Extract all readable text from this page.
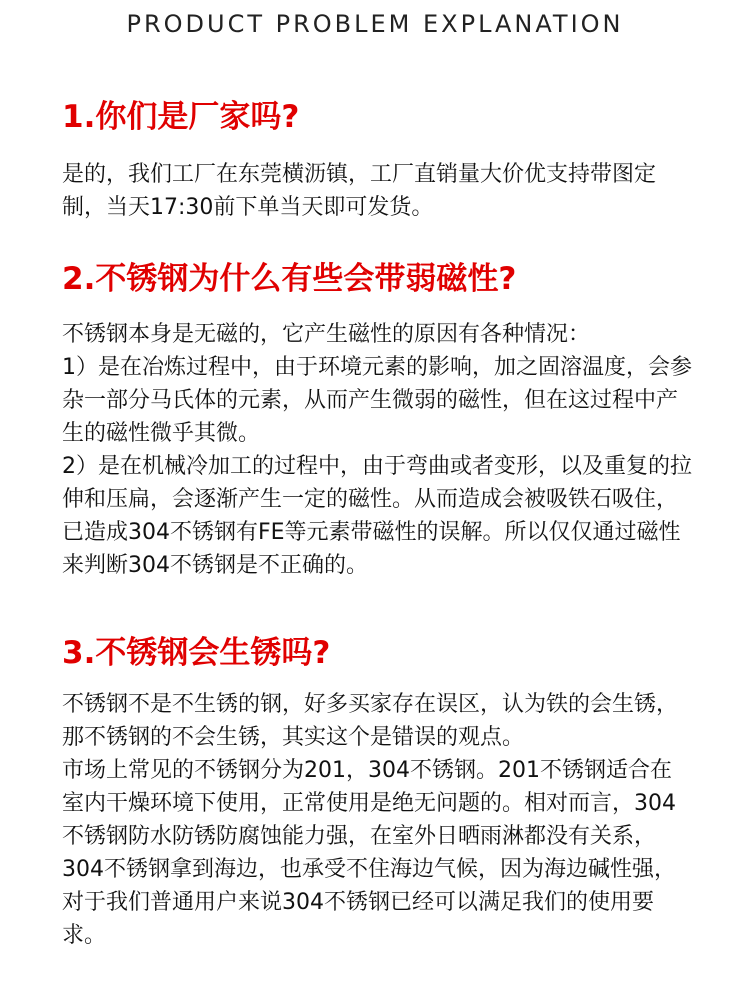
PRODUCT PROBLEM EXPLANATION
1.你们是厂家吗?

是的，我们工厂在东莞横沥镇，工厂直销量大价优支持带图定制，当天17:30前下单当天即可发货。

2.不锈钢为什么有些会带弱磁性?

不锈钢本身是无磁的，它产生磁性的原因有各种情况：

1）是在冶炼过程中，由于环境元素的影响，加之固溶温度，会参杂一部分马氏体的元素，从而产生微弱的磁性，但在这过程中产生的磁性微乎其微。

2）是在机械冷加工的过程中，由于弯曲或者变形，以及重复的拉伸和压扁，会逐渐产生一定的磁性。从而造成会被吸铁石吸住，已造成304不锈钢有FE等元素带磁性的误解。所以仅仅通过磁性来判断304不锈钢是不正确的。

3.不锈钢会生锈吗?

不锈钢不是不生锈的钢，好多买家存在误区，认为铁的会生锈，那不锈钢的不会生锈，其实这个是错误的观点。

市场上常见的不锈钢分为201，304不锈钢。201不锈钢适合在室内干燥环境下使用，正常使用是绝无问题的。相对而言，304不锈钢防水防锈防腐蚀能力强，在室外日晒雨淋都没有关系，304不锈钢拿到海边，也承受不住海边气候，因为海边碱性强，对于我们普通用户来说304不锈钢已经可以满足我们的使用要求。
